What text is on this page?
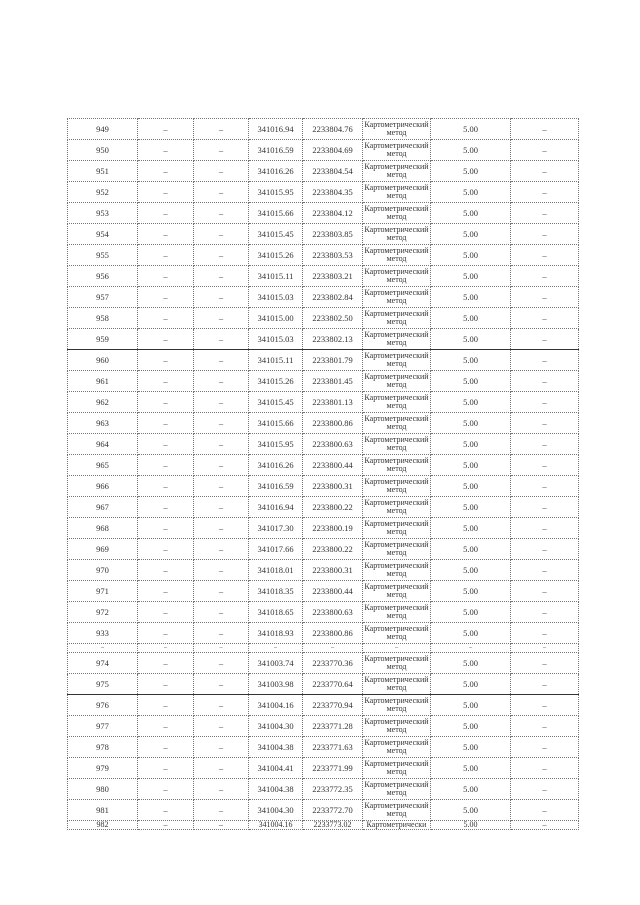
949	–	–	341016.94	2233804.76	Картометрический метод	5.00	–
950	–	–	341016.59	2233804.69	Картометрический метод	5.00	–
951	–	–	341016.26	2233804.54	Картометрический метод	5.00	–
952	–	–	341015.95	2233804.35	Картометрический метод	5.00	–
953	–	–	341015.66	2233804.12	Картометрический метод	5.00	–
954	–	–	341015.45	2233803.85	Картометрический метод	5.00	–
955	–	–	341015.26	2233803.53	Картометрический метод	5.00	–
956	–	–	341015.11	2233803.21	Картометрический метод	5.00	–
957	–	–	341015.03	2233802.84	Картометрический метод	5.00	–
958	–	–	341015.00	2233802.50	Картометрический метод	5.00	–
959	–	–	341015.03	2233802.13	Картометрический метод	5.00	–
960	–	–	341015.11	2233801.79	Картометрический метод	5.00	–
961	–	–	341015.26	2233801.45	Картометрический метод	5.00	–
962	–	–	341015.45	2233801.13	Картометрический метод	5.00	–
963	–	–	341015.66	2233800.86	Картометрический метод	5.00	–
964	–	–	341015.95	2233800.63	Картометрический метод	5.00	–
965	–	–	341016.26	2233800.44	Картометрический метод	5.00	–
966	–	–	341016.59	2233800.31	Картометрический метод	5.00	–
967	–	–	341016.94	2233800.22	Картометрический метод	5.00	–
968	–	–	341017.30	2233800.19	Картометрический метод	5.00	–
969	–	–	341017.66	2233800.22	Картометрический метод	5.00	–
970	–	–	341018.01	2233800.31	Картометрический метод	5.00	–
971	–	–	341018.35	2233800.44	Картометрический метод	5.00	–
972	–	–	341018.65	2233800.63	Картометрический метод	5.00	–
933	–	–	341018.93	2233800.86	Картометрический метод	5.00	–
–	–	–	–	–	–	–	–
974	–	–	341003.74	2233770.36	Картометрический метод	5.00	–
975	–	–	341003.98	2233770.64	Картометрический метод	5.00	–
976	–	–	341004.16	2233770.94	Картометрический метод	5.00	–
977	–	–	341004.30	2233771.28	Картометрический метод	5.00	–
978	–	–	341004.38	2233771.63	Картометрический метод	5.00	–
979	–	–	341004.41	2233771.99	Картометрический метод	5.00	–
980	–	–	341004.38	2233772.35	Картометрический метод	5.00	–
981	–	–	341004.30	2233772.70	Картометрический метод	5.00	–
982	–	–	341004.16	2233773.02	Картометрически	5.00	–
